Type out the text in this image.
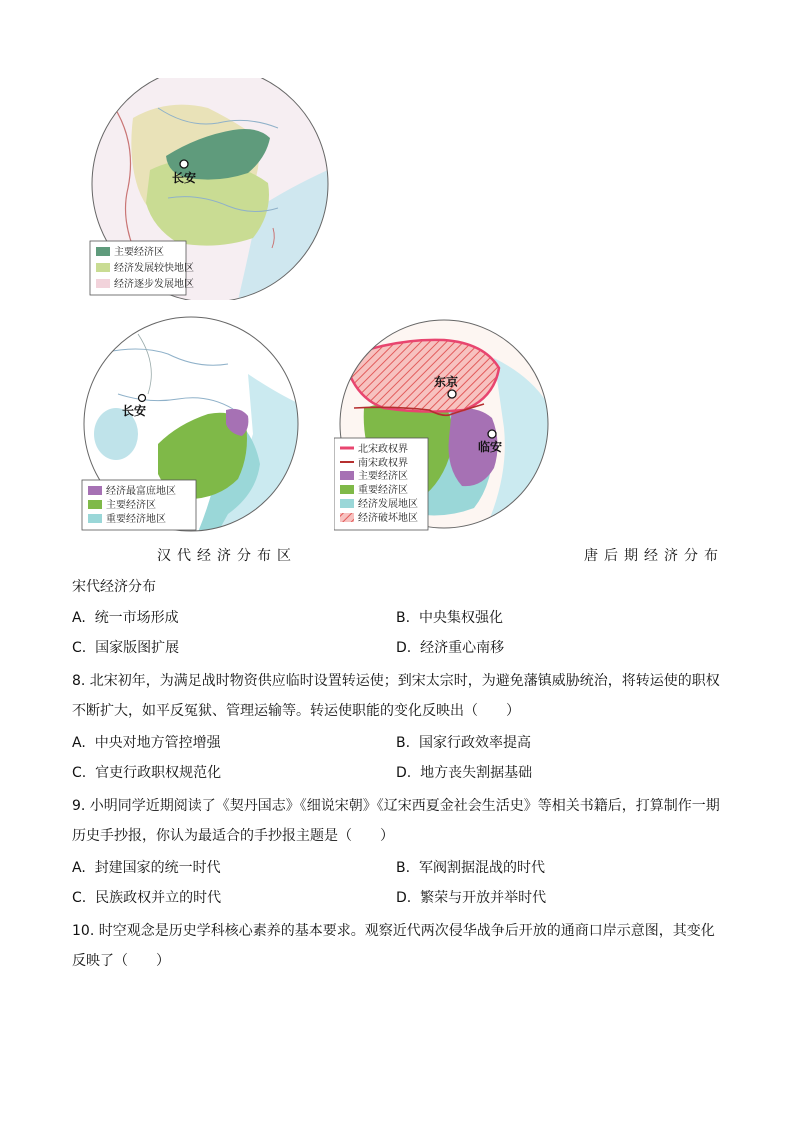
长安
主要经济区
经济发展较快地区
经济逐步发展地区
长安
经济最富庶地区
主要经济区
重要经济地区
东京
临安
北宋政权界
南宋政权界
主要经济区
重要经济区
经济发展地区
经济破坏地区
汉代经济分布区	唐后期经济分布
宋代经济分布
A. 统一市场形成	B. 中央集权强化
C. 国家版图扩展	D. 经济重心南移
8. 北宋初年，为满足战时物资供应临时设置转运使；到宋太宗时，为避免藩镇威胁统治，将转运使的职权
不断扩大，如平反冤狱、管理运输等。转运使职能的变化反映出（　　）
A. 中央对地方管控增强	B. 国家行政效率提高
C. 官吏行政职权规范化	D. 地方丧失割据基础
9. 小明同学近期阅读了《契丹国志》《细说宋朝》《辽宋西夏金社会生活史》等相关书籍后，打算制作一期
历史手抄报，你认为最适合的手抄报主题是（　　）
A. 封建国家的统一时代	B. 军阀割据混战的时代
C. 民族政权并立的时代	D. 繁荣与开放并举时代
10. 时空观念是历史学科核心素养的基本要求。观察近代两次侵华战争后开放的通商口岸示意图，其变化
反映了（　　）
